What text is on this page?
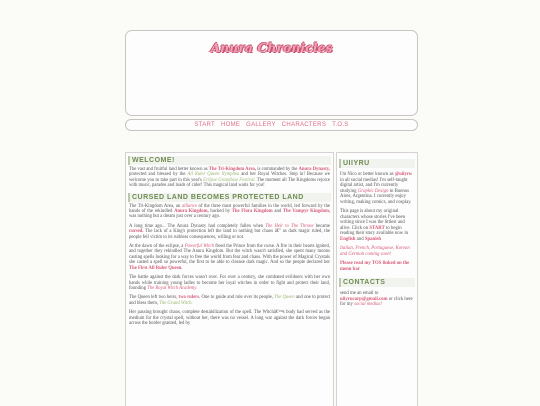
Anura Chronicles
START HOME GALLERY CHARACTERS T.O.S
WELCOME!
The vast and fruitful land better known as The Tri-Kingdom Area, is commanded by the Anura Dynasty, protected and blessed by the All Ruler Queen Nymphea and her Royal Witches. Step in! Because we welcome you to take part in this year's Eclipse Grandiose Festival. The moment all The Kingdoms rejoice with music, parades and loads of cider! This magical land waits for you!
CURSED LAND BECOMES PROTECTED LAND
The Tri-Kingdom Area, an alliance of the three most powerful families in the world, led forward by the hands of the rekindled Anura Kingdom, backed by The Flora Kingdom and The Vampyr Kingdom, was nothing but a dream just over a century ago.
A long time ago... The Anura Dynasty had completely fallen when The Heir to The Throne became cursed. The lack of a King's protection left the land in nothing but chaos â€" as dark magic ruled, the people fell victim to its ruthless consequences, willing or not.
At the dawn of the eclipse, a Powerful Witch freed the Prince from the curse. A fire in their hearts ignited, and together they rekindled The Anura Kingdom. But the witch wasn't satisfied, she spent many moons casting spells looking for a way to free the world from fear and chaos. With the power of Magical Crystals she casted a spell so powerful, the first to be able to cleanse dark magic. And so the people declared her The First All Ruler Queen.
The battle against the dark forces wasn't over. For over a century, she combated evildoers with her own hands while training young ladies to become her loyal witches in order to fight and protect their land, founding The Royal Witch Academy.
The Queen left two heirs, two rulers. One to guide and rule over its people, The Queen and one to protect and bless them, The Grand Witch.
Her passing brought chaos, complete destabilization of the spell. The Witchâ€™s body had served as the medium for the crystal spell, without her, there was no vessel. A long war against the dark forces began across the border granted, led by
UIIYRU
I'm Nico or better known as @uiiyru in all social medias! I'm self-taught digital artist, and I'm currently studying Graphic Design in Buenos Aires, Argentina. I currently enjoy writing, making comics, and cosplay.
This page is about my original characters whose stories I've been writing since I was the littlest and alive. Click on START to begin reading their story available now in English and Spanish
Italian, French, Portuguese, Korean and German coming soon!
Please read my TOS linked on the menu bar
CONTACTS
send me an email to uiiyrucorp@gmail.com or click here for my social medias!
